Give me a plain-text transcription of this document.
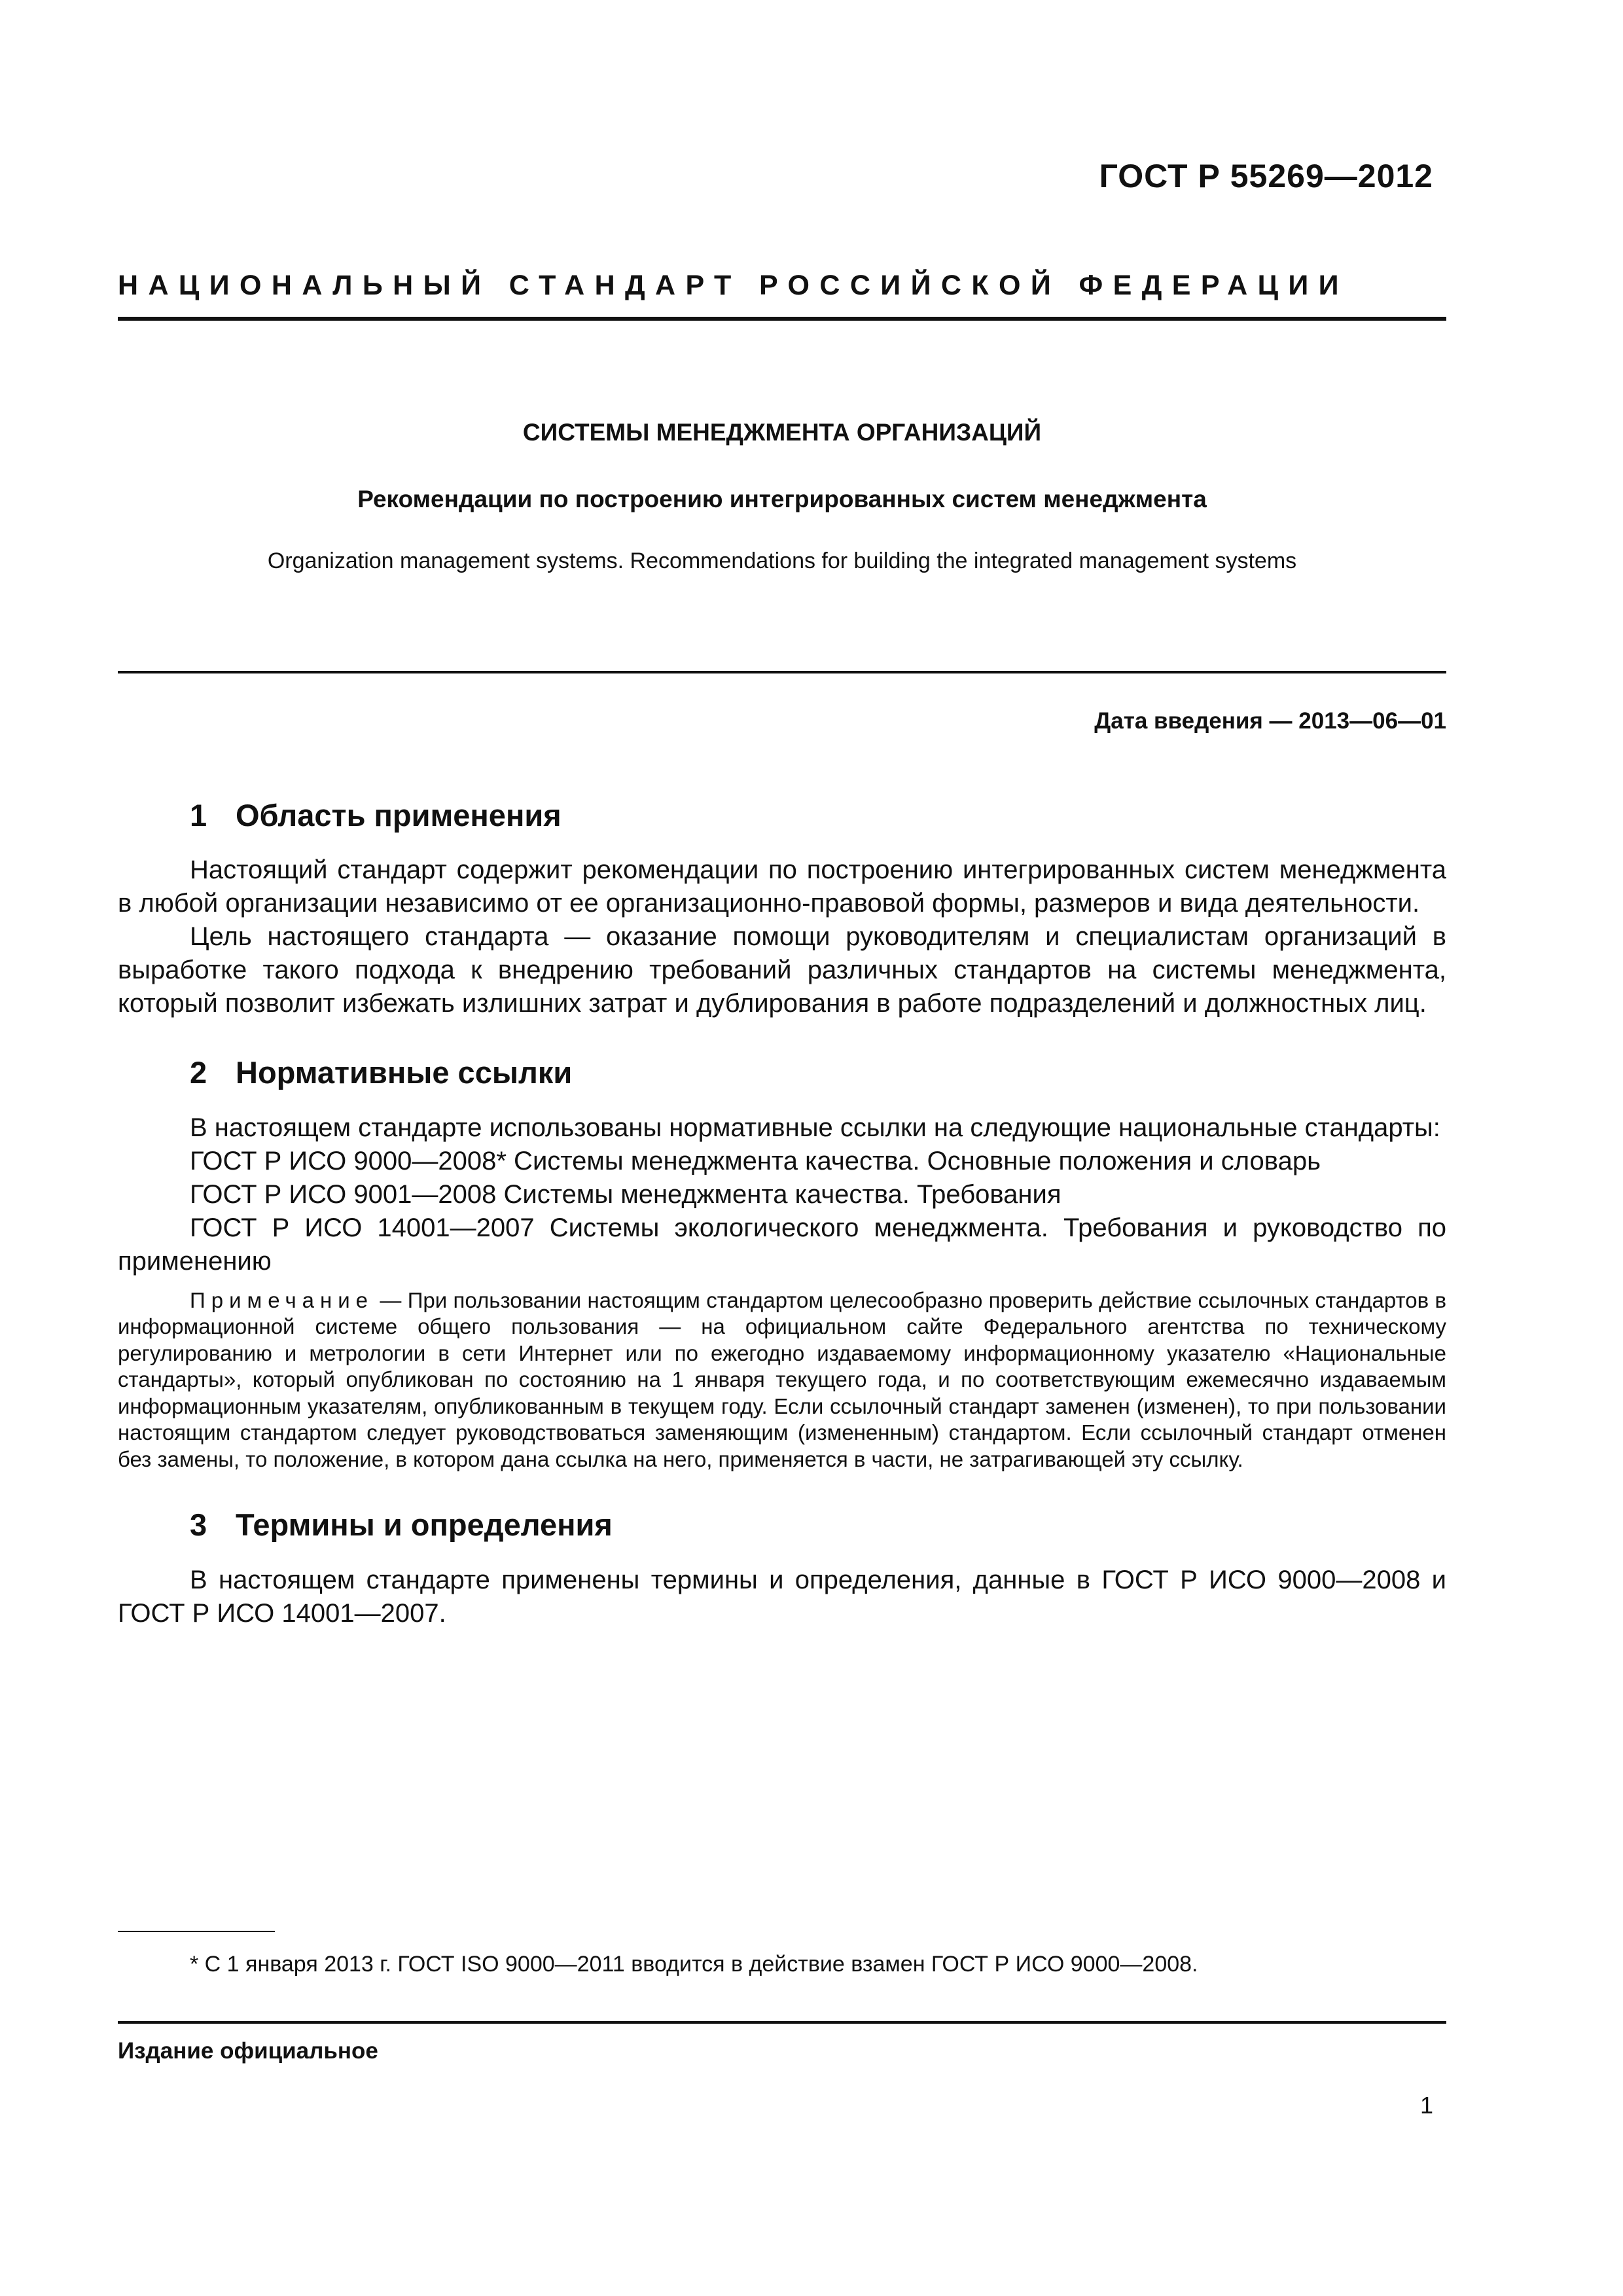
ГОСТ Р 55269—2012
НАЦИОНАЛЬНЫЙ СТАНДАРТ РОССИЙСКОЙ ФЕДЕРАЦИИ
СИСТЕМЫ МЕНЕДЖМЕНТА ОРГАНИЗАЦИЙ
Рекомендации по построению интегрированных систем менеджмента
Organization management systems. Recommendations for building the integrated management systems
Дата введения — 2013—06—01
1 Область применения

Настоящий стандарт содержит рекомендации по построению интегрированных систем менеджмента в любой организации независимо от ее организационно-правовой формы, размеров и вида деятельности.

Цель настоящего стандарта — оказание помощи руководителям и специалистам организаций в выработке такого подхода к внедрению требований различных стандартов на системы менеджмента, который позволит избежать излишних затрат и дублирования в работе подразделений и должностных лиц.

2 Нормативные ссылки

В настоящем стандарте использованы нормативные ссылки на следующие национальные стандарты:

ГОСТ Р ИСО 9000—2008* Системы менеджмента качества. Основные положения и словарь

ГОСТ Р ИСО 9001—2008 Системы менеджмента качества. Требования

ГОСТ Р ИСО 14001—2007 Системы экологического менеджмента. Требования и руководство по применению

Примечание — При пользовании настоящим стандартом целесообразно проверить действие ссылочных стандартов в информационной системе общего пользования — на официальном сайте Федерального агентства по техническому регулированию и метрологии в сети Интернет или по ежегодно издаваемому информационному указателю «Национальные стандарты», который опубликован по состоянию на 1 января текущего года, и по соответствующим ежемесячно издаваемым информационным указателям, опубликованным в текущем году. Если ссылочный стандарт заменен (изменен), то при пользовании настоящим стандартом следует руководствоваться заменяющим (измененным) стандартом. Если ссылочный стандарт отменен без замены, то положение, в котором дана ссылка на него, применяется в части, не затрагивающей эту ссылку.
3 Термины и определения

В настоящем стандарте применены термины и определения, данные в ГОСТ Р ИСО 9000—2008 и ГОСТ Р ИСО 14001—2007.

* С 1 января 2013 г. ГОСТ ISO 9000—2011 вводится в действие взамен ГОСТ Р ИСО 9000—2008.
Издание официальное
1
